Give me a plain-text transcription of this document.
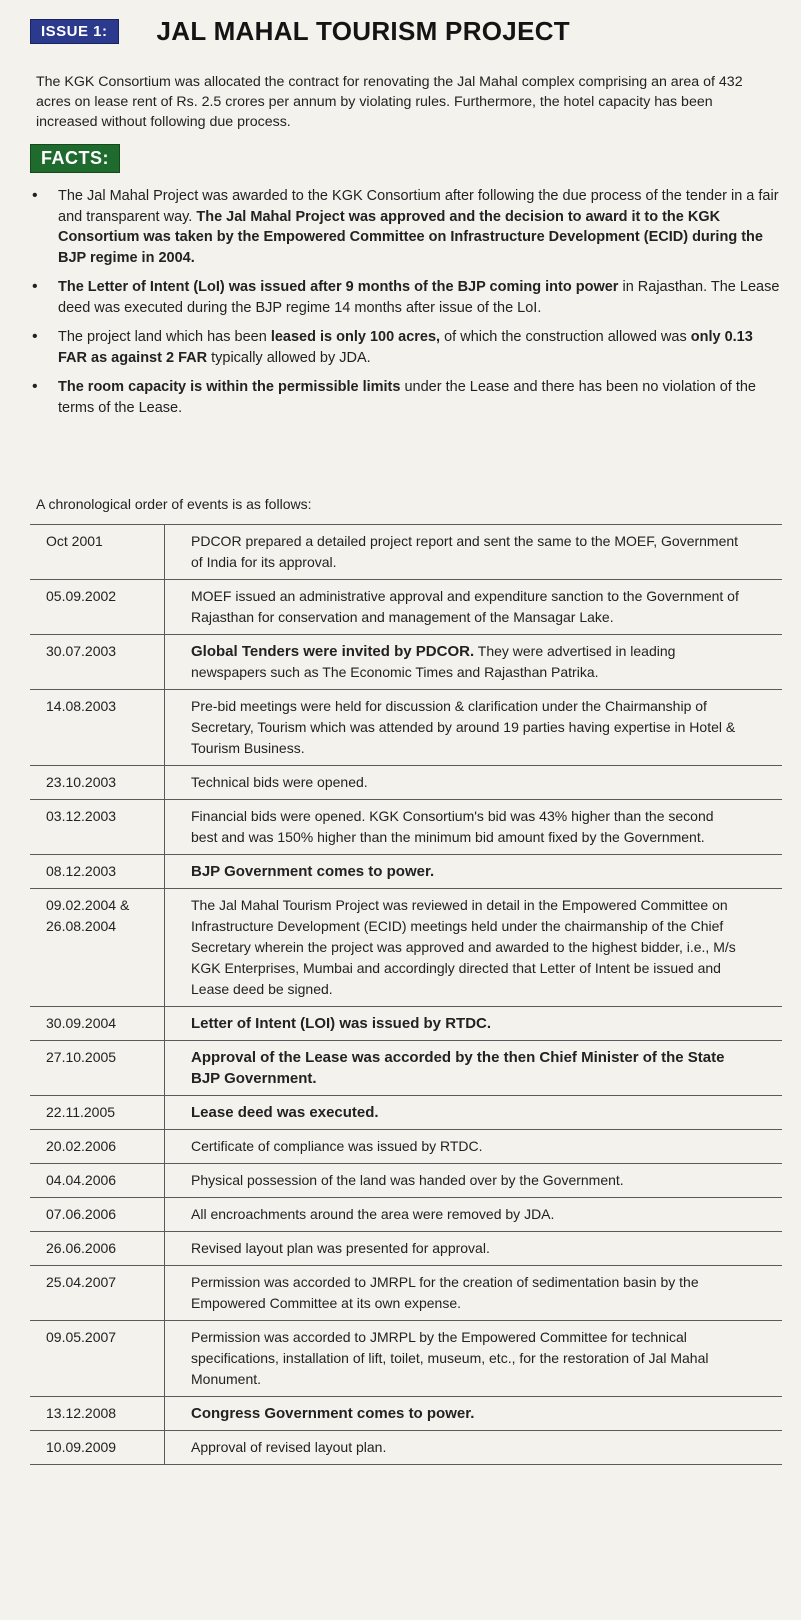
ISSUE 1:	JAL MAHAL TOURISM PROJECT

The KGK Consortium was allocated the contract for renovating the Jal Mahal complex comprising an area of 432 acres on lease rent of Rs. 2.5 crores per annum by violating rules. Furthermore, the hotel capacity has been increased without following due process.

FACTS:
• The Jal Mahal Project was awarded to the KGK Consortium after following the due process of the tender in a fair and transparent way. The Jal Mahal Project was approved and the decision to award it to the KGK Consortium was taken by the Empowered Committee on Infrastructure Development (ECID) during the BJP regime in 2004.
• The Letter of Intent (LoI) was issued after 9 months of the BJP coming into power in Rajasthan. The Lease deed was executed during the BJP regime 14 months after issue of the LoI.
• The project land which has been leased is only 100 acres, of which the construction allowed was only 0.13 FAR as against 2 FAR typically allowed by JDA.
• The room capacity is within the permissible limits under the Lease and there has been no violation of the terms of the Lease.
A chronological order of events is as follows:
Oct 2001	PDCOR prepared a detailed project report and sent the same to the MOEF, Government of India for its approval.
05.09.2002	MOEF issued an administrative approval and expenditure sanction to the Government of Rajasthan for conservation and management of the Mansagar Lake.
30.07.2003	Global Tenders were invited by PDCOR. They were advertised in leading newspapers such as The Economic Times and Rajasthan Patrika.
14.08.2003	Pre-bid meetings were held for discussion & clarification under the Chairmanship of Secretary, Tourism which was attended by around 19 parties having expertise in Hotel & Tourism Business.
23.10.2003	Technical bids were opened.
03.12.2003	Financial bids were opened. KGK Consortium's bid was 43% higher than the second best and was 150% higher than the minimum bid amount fixed by the Government.
08.12.2003	BJP Government comes to power.
09.02.2004 &
26.08.2004	The Jal Mahal Tourism Project was reviewed in detail in the Empowered Committee on Infrastructure Development (ECID) meetings held under the chairmanship of the Chief Secretary wherein the project was approved and awarded to the highest bidder, i.e., M/s KGK Enterprises, Mumbai and accordingly directed that Letter of Intent be issued and Lease deed be signed.
30.09.2004	Letter of Intent (LOI) was issued by RTDC.
27.10.2005	Approval of the Lease was accorded by the then Chief Minister of the State BJP Government.
22.11.2005	Lease deed was executed.
20.02.2006	Certificate of compliance was issued by RTDC.
04.04.2006	Physical possession of the land was handed over by the Government.
07.06.2006	All encroachments around the area were removed by JDA.
26.06.2006	Revised layout plan was presented for approval.
25.04.2007	Permission was accorded to JMRPL for the creation of sedimentation basin by the Empowered Committee at its own expense.
09.05.2007	Permission was accorded to JMRPL by the Empowered Committee for technical specifications, installation of lift, toilet, museum, etc., for the restoration of Jal Mahal Monument.
13.12.2008	Congress Government comes to power.
10.09.2009	Approval of revised layout plan.
